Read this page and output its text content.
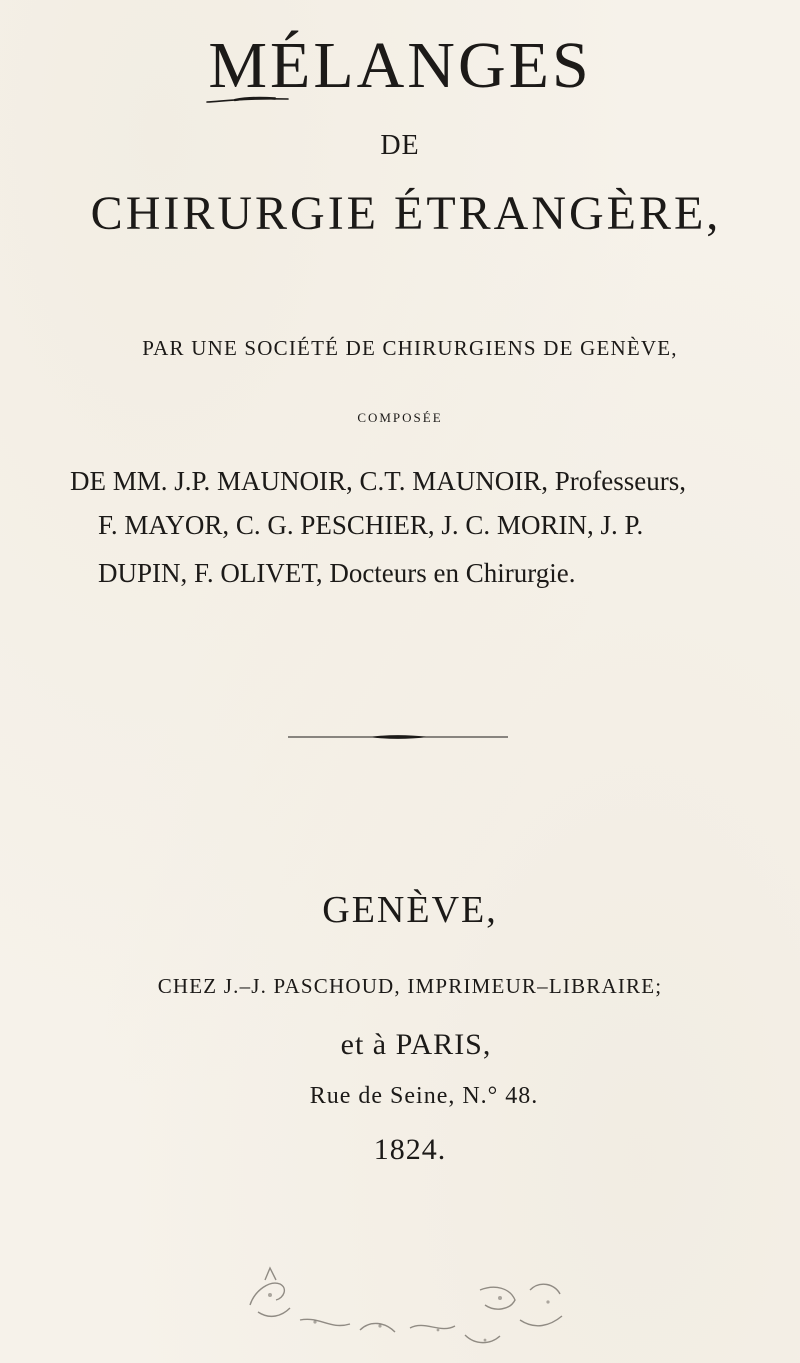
MÉLANGES
DE
CHIRURGIE ÉTRANGÈRE,
PAR UNE SOCIÉTÉ DE CHIRURGIENS DE GENÈVE,
COMPOSÉE
DE MM. J.P. MAUNOIR, C.T. MAUNOIR, Professeurs,
F. MAYOR, C. G. PESCHIER, J. C. MORIN, J. P.
DUPIN, F. OLIVET, Docteurs en Chirurgie.
GENÈVE,
CHEZ J.–J. PASCHOUD, IMPRIMEUR–LIBRAIRE;
et à PARIS,
Rue de Seine, N.° 48.
1824.
